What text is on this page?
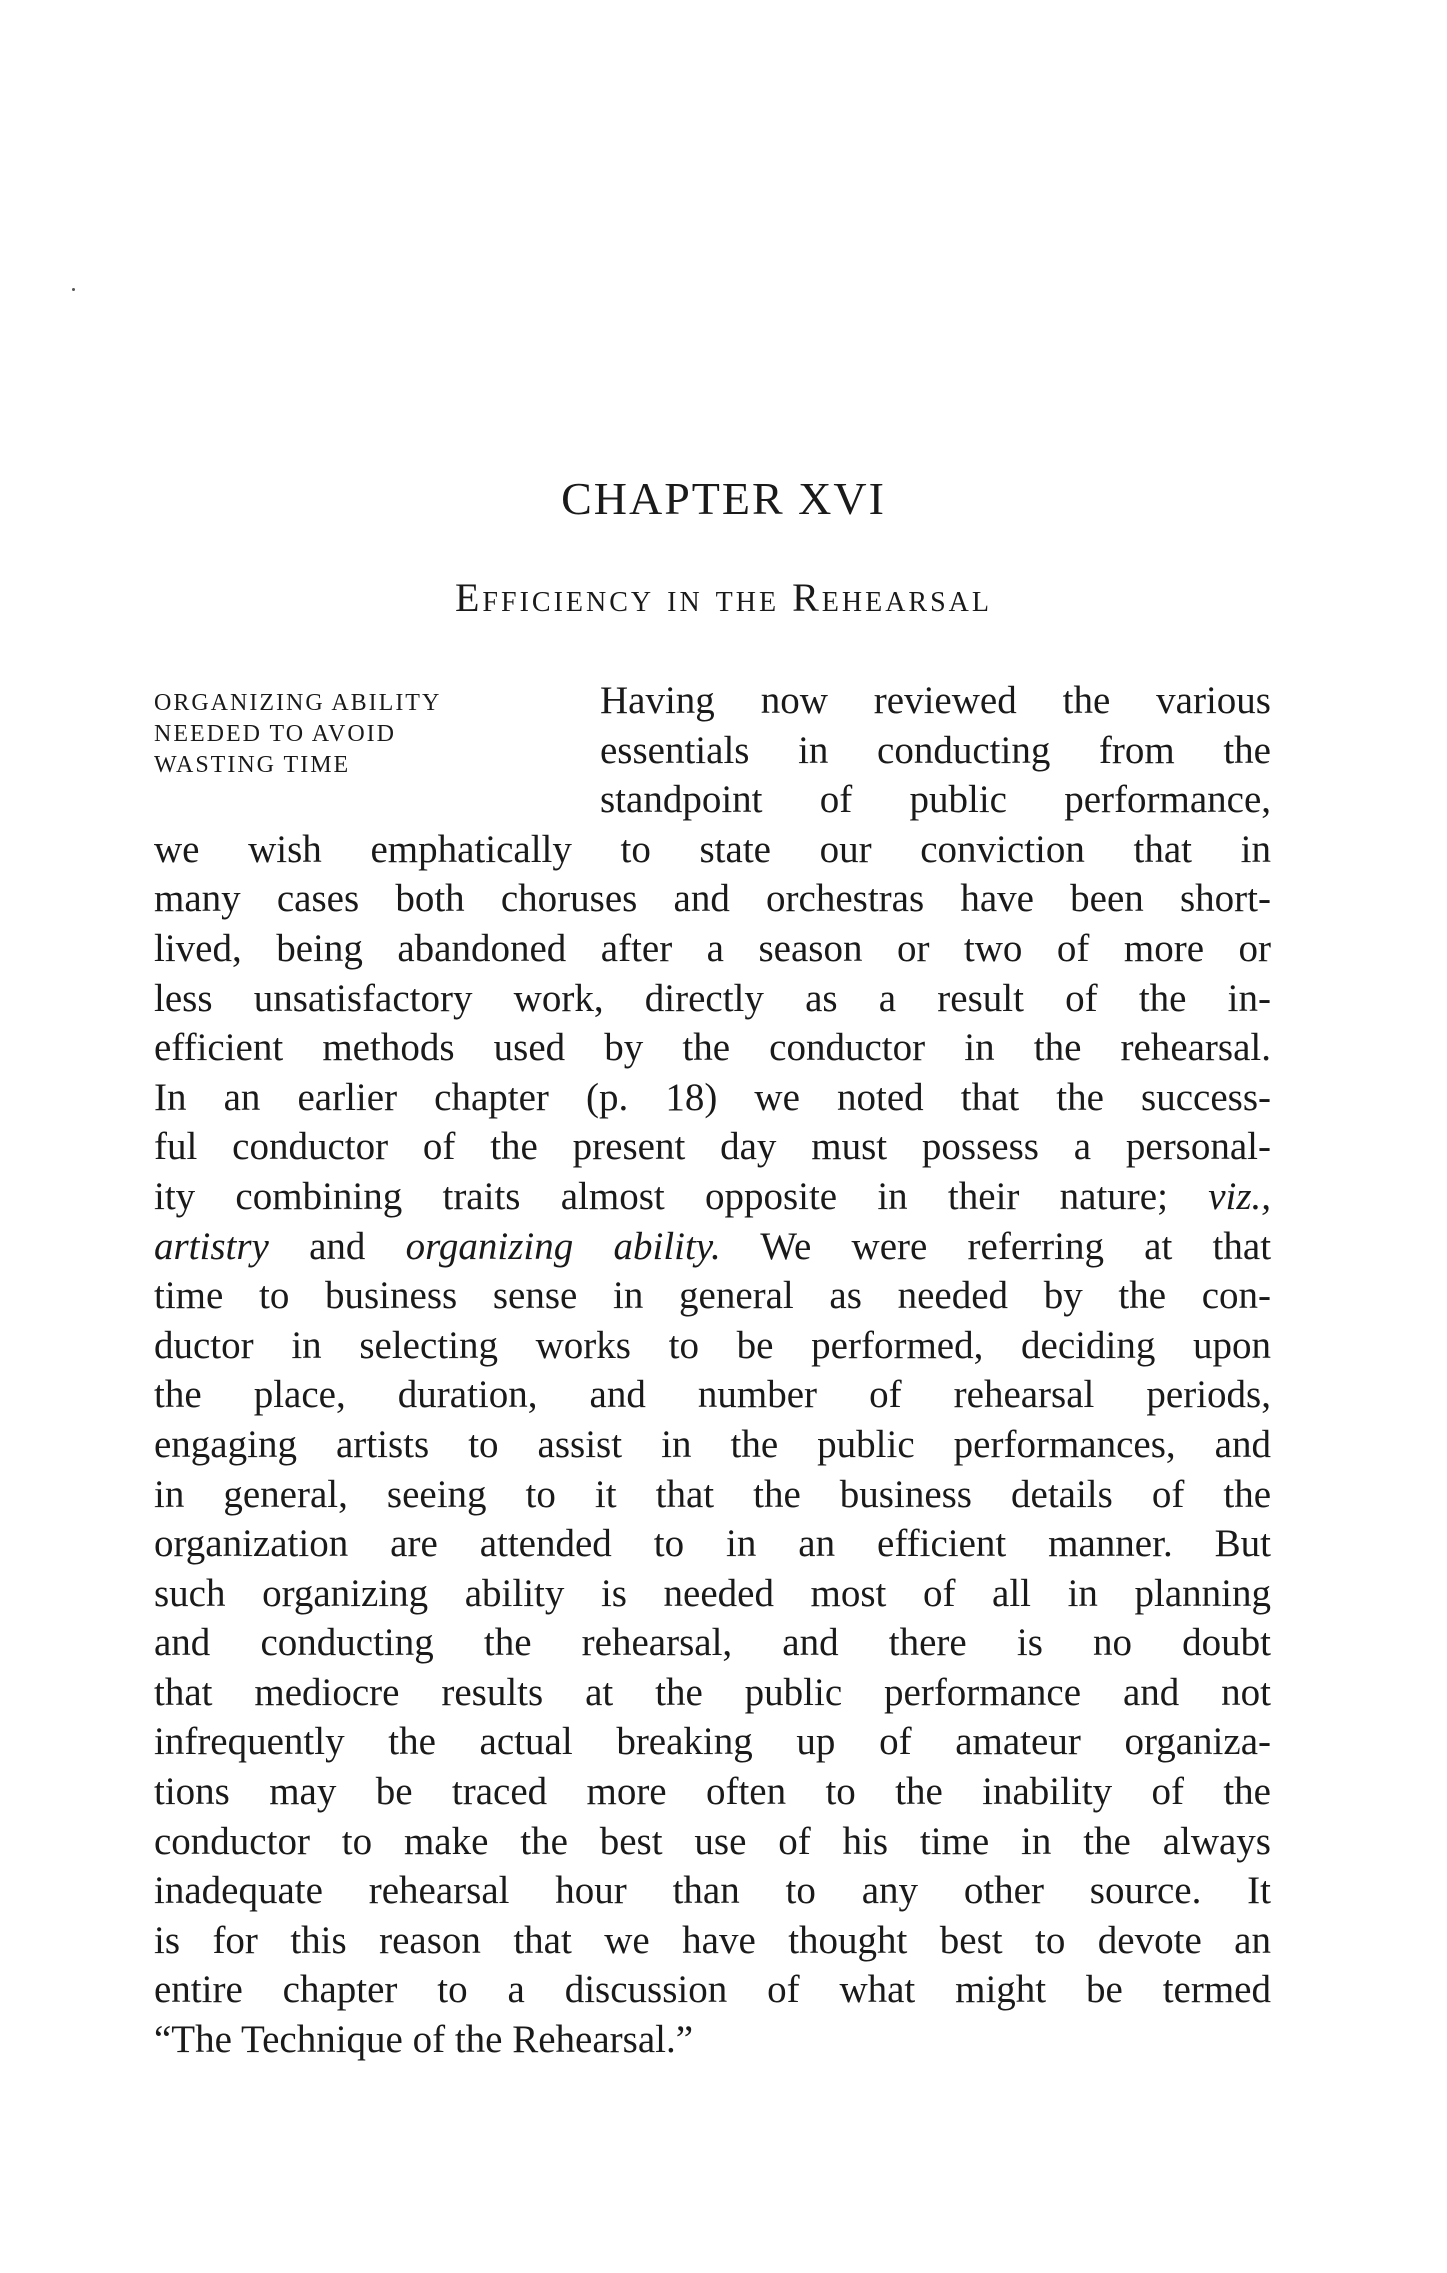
CHAPTER XVI
Efficiency in the Rehearsal
ORGANIZING ABILITY
NEEDED TO AVOID
WASTING TIME
Having now reviewed the various
essentials in conducting from the
standpoint of public performance,
we wish emphatically to state our conviction that in
many cases both choruses and orchestras have been short-
lived, being abandoned after a season or two of more or
less unsatisfactory work, directly as a result of the in-
efficient methods used by the conductor in the rehearsal.
In an earlier chapter (p. 18) we noted that the success-
ful conductor of the present day must possess a personal-
ity combining traits almost opposite in their nature; viz.,
artistry and organizing ability. We were referring at that
time to business sense in general as needed by the con-
ductor in selecting works to be performed, deciding upon
the place, duration, and number of rehearsal periods,
engaging artists to assist in the public performances, and
in general, seeing to it that the business details of the
organization are attended to in an efficient manner. But
such organizing ability is needed most of all in planning
and conducting the rehearsal, and there is no doubt
that mediocre results at the public performance and not
infrequently the actual breaking up of amateur organiza-
tions may be traced more often to the inability of the
conductor to make the best use of his time in the always
inadequate rehearsal hour than to any other source. It
is for this reason that we have thought best to devote an
entire chapter to a discussion of what might be termed
“The Technique of the Rehearsal.”
